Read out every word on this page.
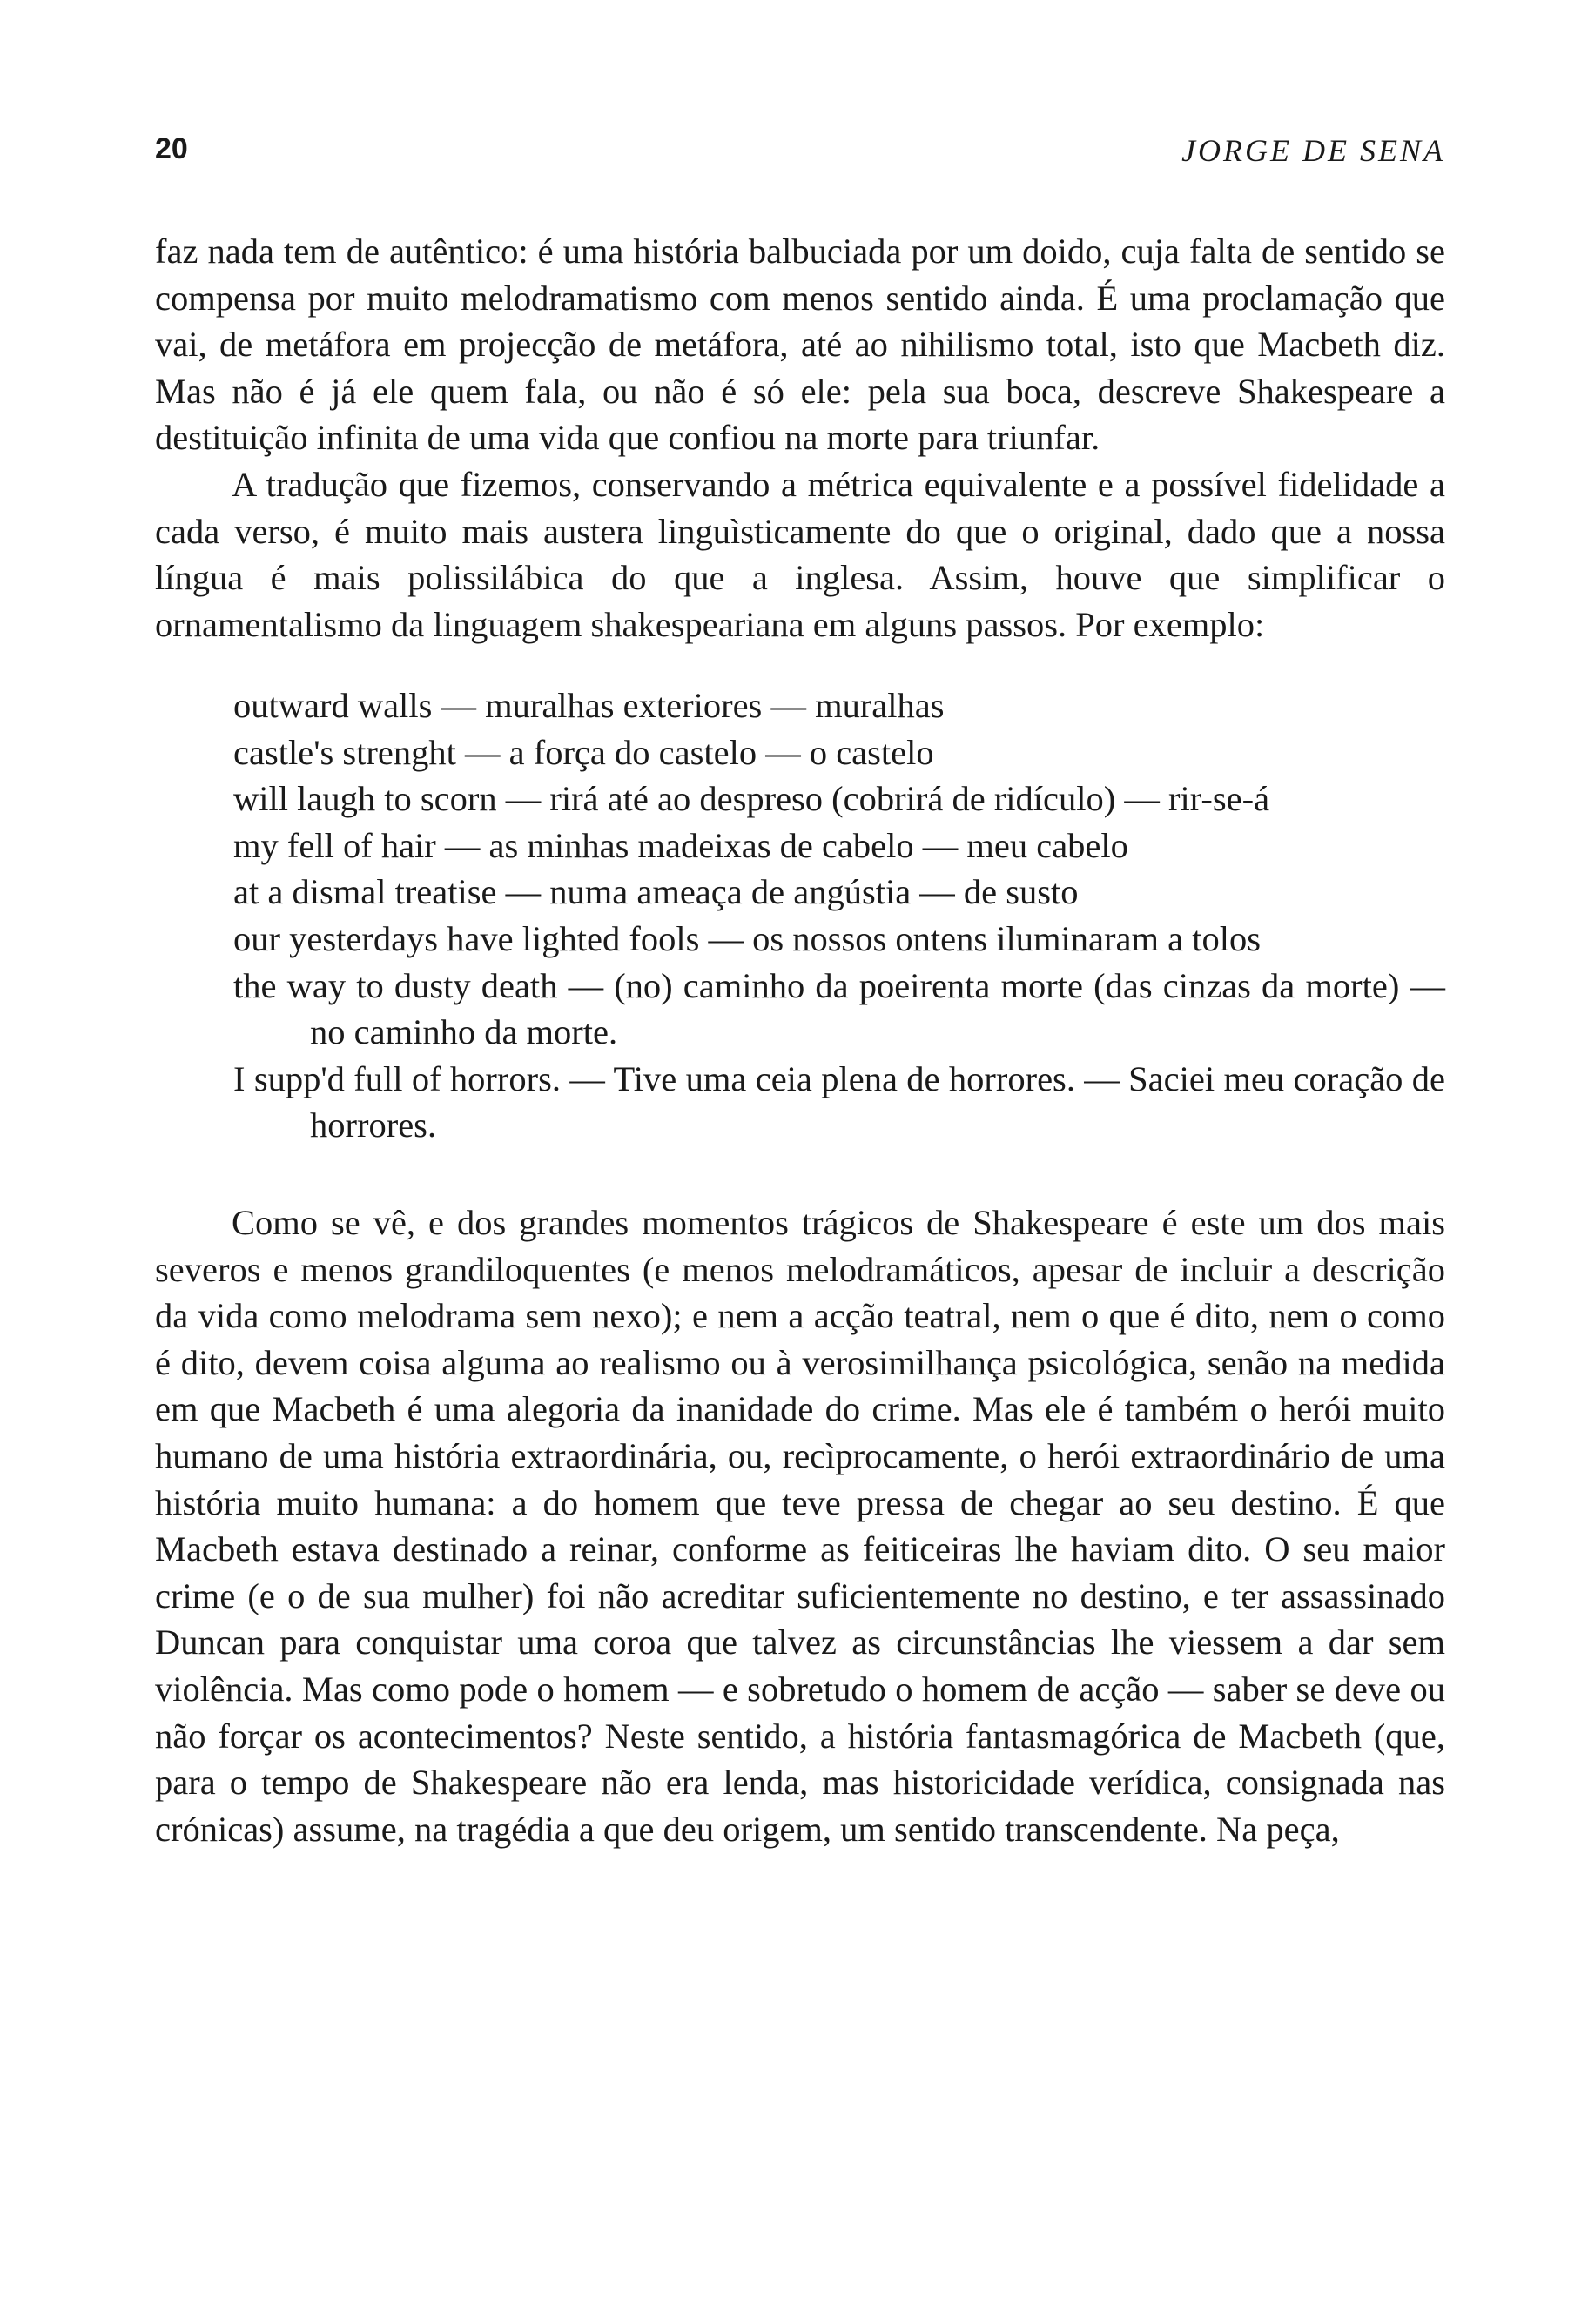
20	JORGE DE SENA

faz nada tem de autêntico: é uma história balbuciada por um doido, cuja falta de sentido se compensa por muito melodramatismo com menos sentido ainda. É uma proclamação que vai, de metáfora em projecção de metáfora, até ao nihilismo total, isto que Macbeth diz. Mas não é já ele quem fala, ou não é só ele: pela sua boca, descreve Shakespeare a destituição infinita de uma vida que confiou na morte para triunfar.

A tradução que fizemos, conservando a métrica equivalente e a possível fidelidade a cada verso, é muito mais austera linguìsticamente do que o original, dado que a nossa língua é mais polissilábica do que a inglesa. Assim, houve que simplificar o ornamentalismo da linguagem shakespeariana em alguns passos. Por exemplo:

outward walls — muralhas exteriores — muralhas
castle's strenght — a força do castelo — o castelo
will laugh to scorn — rirá até ao despreso (cobrirá de ridículo) — rir-se-á
my fell of hair — as minhas madeixas de cabelo — meu cabelo
at a dismal treatise — numa ameaça de angústia — de susto
our yesterdays have lighted fools — os nossos ontens iluminaram a tolos
the way to dusty death — (no) caminho da poeirenta morte (das cinzas da morte) — no caminho da morte.
I supp'd full of horrors. — Tive uma ceia plena de horrores. — Saciei meu coração de horrores.

Como se vê, e dos grandes momentos trágicos de Shakespeare é este um dos mais severos e menos grandiloquentes (e menos melodramáticos, apesar de incluir a descrição da vida como melodrama sem nexo); e nem a acção teatral, nem o que é dito, nem o como é dito, devem coisa alguma ao realismo ou à verosimilhança psicológica, senão na medida em que Macbeth é uma alegoria da inanidade do crime. Mas ele é também o herói muito humano de uma história extraordinária, ou, recìprocamente, o herói extraordinário de uma história muito humana: a do homem que teve pressa de chegar ao seu destino. É que Macbeth estava destinado a reinar, conforme as feiticeiras lhe haviam dito. O seu maior crime (e o de sua mulher) foi não acreditar suficientemente no destino, e ter assassinado Duncan para conquistar uma coroa que talvez as circunstâncias lhe viessem a dar sem violência. Mas como pode o homem — e sobretudo o homem de acção — saber se deve ou não forçar os acontecimentos? Neste sentido, a história fantasmagórica de Macbeth (que, para o tempo de Shakespeare não era lenda, mas historicidade verídica, consignada nas crónicas) assume, na tragédia a que deu origem, um sentido transcendente. Na peça,
